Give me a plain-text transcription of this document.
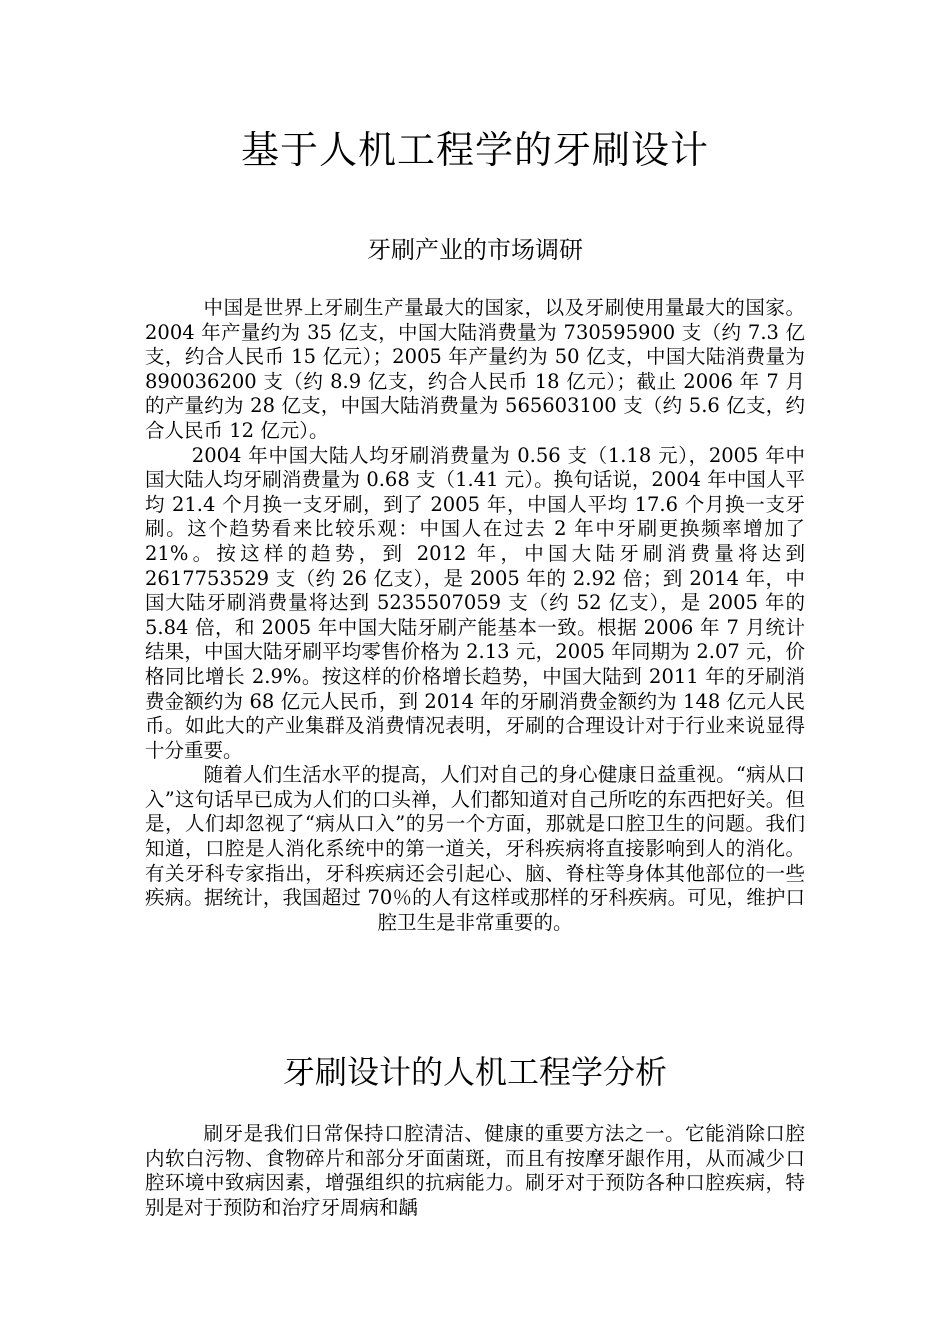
基于人机工程学的牙刷设计
牙刷产业的市场调研

中国是世界上牙刷生产量最大的国家，以及牙刷使用量最大的国家。2004 年产量约为 35 亿支，中国大陆消费量为 730595900 支（约 7.3 亿支，约合人民币 15 亿元）；2005 年产量约为 50 亿支，中国大陆消费量为 890036200 支（约 8.9 亿支，约合人民币 18 亿元）；截止 2006 年 7 月的产量约为 28 亿支，中国大陆消费量为 565603100 支（约 5.6 亿支，约合人民币 12 亿元）。

2004 年中国大陆人均牙刷消费量为 0.56 支（1.18 元），2005 年中国大陆人均牙刷消费量为 0.68 支（1.41 元）。换句话说，2004 年中国人平均 21.4 个月换一支牙刷，到了 2005 年，中国人平均 17.6 个月换一支牙刷。这个趋势看来比较乐观：中国人在过去 2 年中牙刷更换频率增加了 21%。按这样的趋势，到 2012 年，中国大陆牙刷消费量将达到 2617753529 支（约 26 亿支），是 2005 年的 2.92 倍；到 2014 年，中国大陆牙刷消费量将达到 5235507059 支（约 52 亿支），是 2005 年的 5.84 倍，和 2005 年中国大陆牙刷产能基本一致。根据 2006 年 7 月统计结果，中国大陆牙刷平均零售价格为 2.13 元，2005 年同期为 2.07 元，价格同比增长 2.9%。按这样的价格增长趋势，中国大陆到 2011 年的牙刷消费金额约为 68 亿元人民币，到 2014 年的牙刷消费金额约为 148 亿元人民币。如此大的产业集群及消费情况表明，牙刷的合理设计对于行业来说显得十分重要。

随着人们生活水平的提高，人们对自己的身心健康日益重视。“病从口入”这句话早已成为人们的口头禅，人们都知道对自己所吃的东西把好关。但是，人们却忽视了“病从口入”的另一个方面，那就是口腔卫生的问题。我们知道，口腔是人消化系统中的第一道关，牙科疾病将直接影响到人的消化。有关牙科专家指出，牙科疾病还会引起心、脑、脊柱等身体其他部位的一些疾病。据统计，我国超过 70％的人有这样或那样的牙科疾病。可见，维护口腔卫生是非常重要的。

牙刷设计的人机工程学分析

刷牙是我们日常保持口腔清洁、健康的重要方法之一。它能消除口腔内软白污物、食物碎片和部分牙面菌斑，而且有按摩牙龈作用，从而减少口腔环境中致病因素，增强组织的抗病能力。刷牙对于预防各种口腔疾病，特别是对于预防和治疗牙周病和龋
